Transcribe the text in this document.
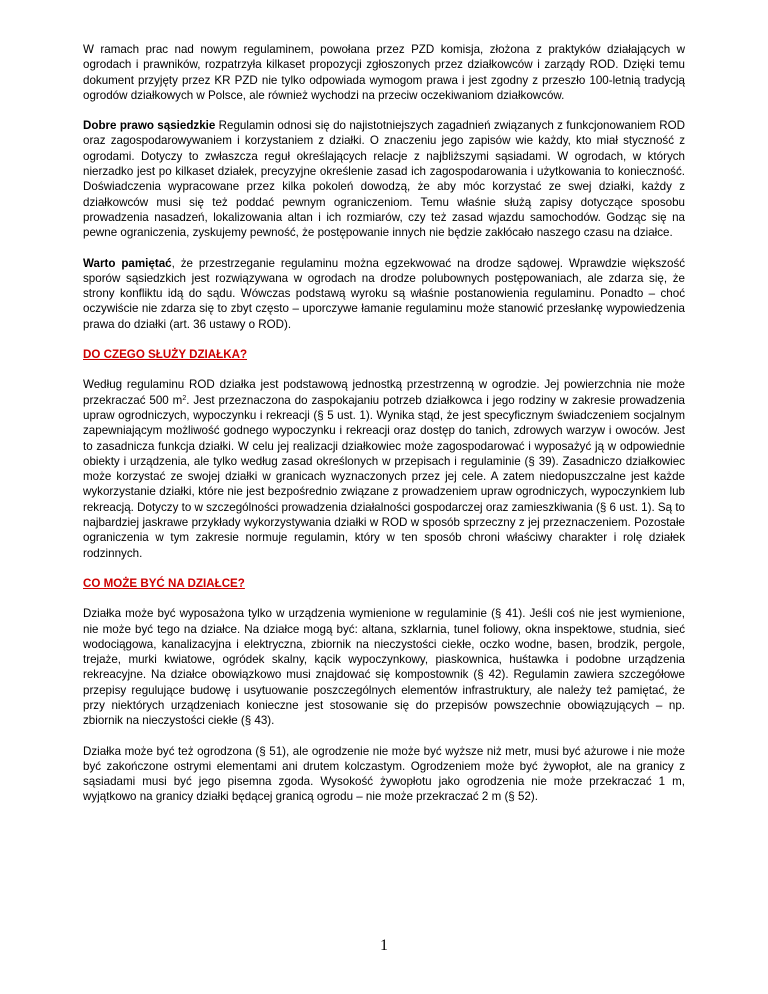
W ramach prac nad nowym regulaminem, powołana przez PZD komisja, złożona z praktyków działających w ogrodach i prawników, rozpatrzyła kilkaset propozycji zgłoszonych przez działkowców i zarządy ROD. Dzięki temu dokument przyjęty przez KR PZD nie tylko odpowiada wymogom prawa i jest zgodny z przeszło 100-letnią tradycją ogrodów działkowych w Polsce, ale również wychodzi na przeciw oczekiwaniom działkowców.

Dobre prawo sąsiedzkie Regulamin odnosi się do najistotniejszych zagadnień związanych z funkcjonowaniem ROD oraz zagospodarowywaniem i korzystaniem z działki. O znaczeniu jego zapisów wie każdy, kto miał styczność z ogrodami. Dotyczy to zwłaszcza reguł określających relacje z najbliższymi sąsiadami. W ogrodach, w których nierzadko jest po kilkaset działek, precyzyjne określenie zasad ich zagospodarowania i użytkowania to konieczność. Doświadczenia wypracowane przez kilka pokoleń dowodzą, że aby móc korzystać ze swej działki, każdy z działkowców musi się też poddać pewnym ograniczeniom. Temu właśnie służą zapisy dotyczące sposobu prowadzenia nasadzeń, lokalizowania altan i ich rozmiarów, czy też zasad wjazdu samochodów. Godząc się na pewne ograniczenia, zyskujemy pewność, że postępowanie innych nie będzie zakłócało naszego czasu na działce.

Warto pamiętać, że przestrzeganie regulaminu można egzekwować na drodze sądowej. Wprawdzie większość sporów sąsiedzkich jest rozwiązywana w ogrodach na drodze polubownych postępowaniach, ale zdarza się, że strony konfliktu idą do sądu. Wówczas podstawą wyroku są właśnie postanowienia regulaminu. Ponadto – choć oczywiście nie zdarza się to zbyt często – uporczywe łamanie regulaminu może stanowić przesłankę wypowiedzenia prawa do działki (art. 36 ustawy o ROD).

DO CZEGO SŁUŻY DZIAŁKA?

Według regulaminu ROD działka jest podstawową jednostką przestrzenną w ogrodzie. Jej powierzchnia nie może przekraczać 500 $m^2$. Jest przeznaczona do zaspokajaniu potrzeb działkowca i jego rodziny w zakresie prowadzenia upraw ogrodniczych, wypoczynku i rekreacji (§ 5 ust. 1). Wynika stąd, że jest specyficznym świadczeniem socjalnym zapewniającym możliwość godnego wypoczynku i rekreacji oraz dostęp do tanich, zdrowych warzyw i owoców. Jest to zasadnicza funkcja działki. W celu jej realizacji działkowiec może zagospodarować i wyposażyć ją w odpowiednie obiekty i urządzenia, ale tylko według zasad określonych w przepisach i regulaminie (§ 39). Zasadniczo działkowiec może korzystać ze swojej działki w granicach wyznaczonych przez jej cele. A zatem niedopuszczalne jest każde wykorzystanie działki, które nie jest bezpośrednio związane z prowadzeniem upraw ogrodniczych, wypoczynkiem lub rekreacją. Dotyczy to w szczególności prowadzenia działalności gospodarczej oraz zamieszkiwania (§ 6 ust. 1). Są to najbardziej jaskrawe przykłady wykorzystywania działki w ROD w sposób sprzeczny z jej przeznaczeniem. Pozostałe ograniczenia w tym zakresie normuje regulamin, który w ten sposób chroni właściwy charakter i rolę działek rodzinnych.

CO MOŻE BYĆ NA DZIAŁCE?

Działka może być wyposażona tylko w urządzenia wymienione w regulaminie (§ 41). Jeśli coś nie jest wymienione, nie może być tego na działce. Na działce mogą być: altana, szklarnia, tunel foliowy, okna inspektowe, studnia, sieć wodociągowa, kanalizacyjna i elektryczna, zbiornik na nieczystości ciekłe, oczko wodne, basen, brodzik, pergole, trejaże, murki kwiatowe, ogródek skalny, kącik wypoczynkowy, piaskownica, huśtawka i podobne urządzenia rekreacyjne. Na działce obowiązkowo musi znajdować się kompostownik (§ 42). Regulamin zawiera szczegółowe przepisy regulujące budowę i usytuowanie poszczególnych elementów infrastruktury, ale należy też pamiętać, że przy niektórych urządzeniach konieczne jest stosowanie się do przepisów powszechnie obowiązujących – np. zbiornik na nieczystości ciekłe (§ 43).

Działka może być też ogrodzona (§ 51), ale ogrodzenie nie może być wyższe niż metr, musi być ażurowe i nie może być zakończone ostrymi elementami ani drutem kolczastym. Ogrodzeniem może być żywopłot, ale na granicy z sąsiadami musi być jego pisemna zgoda. Wysokość żywopłotu jako ogrodzenia nie może przekraczać 1 m, wyjątkowo na granicy działki będącej granicą ogrodu – nie może przekraczać 2 m (§ 52).

1
